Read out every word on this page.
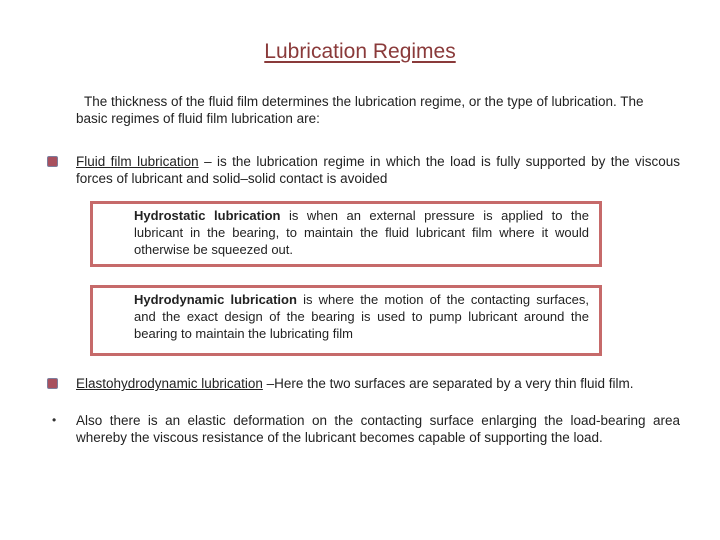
Lubrication Regimes
The thickness of the fluid film determines the lubrication regime, or the type of lubrication. The
basic regimes of fluid film lubrication are:
Fluid film lubrication – is the lubrication regime in which the load is fully supported by the viscous forces of lubricant and solid–solid contact is avoided
Hydrostatic lubrication is when an external pressure is applied to the lubricant in the bearing, to maintain the fluid lubricant film where it would otherwise be squeezed out.
Hydrodynamic lubrication is where the motion of the contacting surfaces, and the exact design of the bearing is used to pump lubricant around the bearing to maintain the lubricating film
Elastohydrodynamic lubrication –Here the two surfaces are separated by a very thin fluid film.
• Also there is an elastic deformation on the contacting surface enlarging the load-bearing area whereby the viscous resistance of the lubricant becomes capable of supporting the load.
